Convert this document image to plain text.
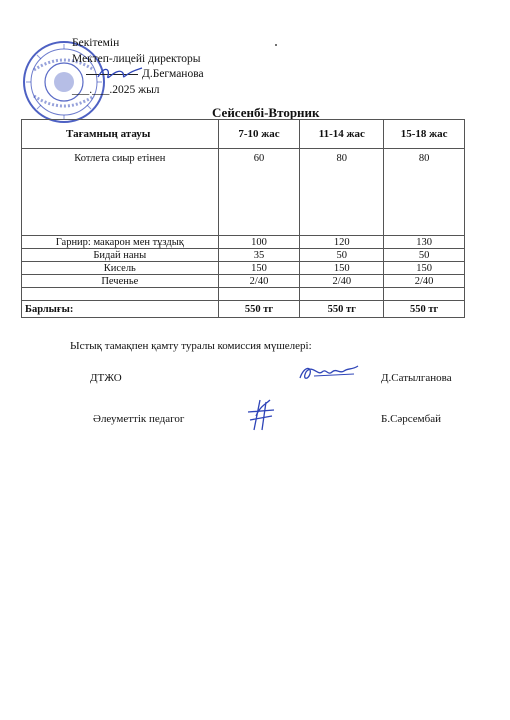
Бекітемін
Мектеп-лицейі директоры
Д.Бегманова
___.___.2025 жыл
Сейсенбі-Вторник
Тағамның атауы	7-10 жас	11-14 жас	15-18 жас
Котлета сиыр етінен	60	80	80
Гарнир: макарон мен тұздық	100	120	130
Бидай наны	35	50	50
Кисель	150	150	150
Печенье	2/40	2/40	2/40

Барлығы:	550 тг	550 тг	550 тг
Ыстық тамақпен қамту туралы комиссия мүшелері:
ДТЖО	Д.Сатылганова
Әлеуметтік педагог	Б.Сәрсембай
